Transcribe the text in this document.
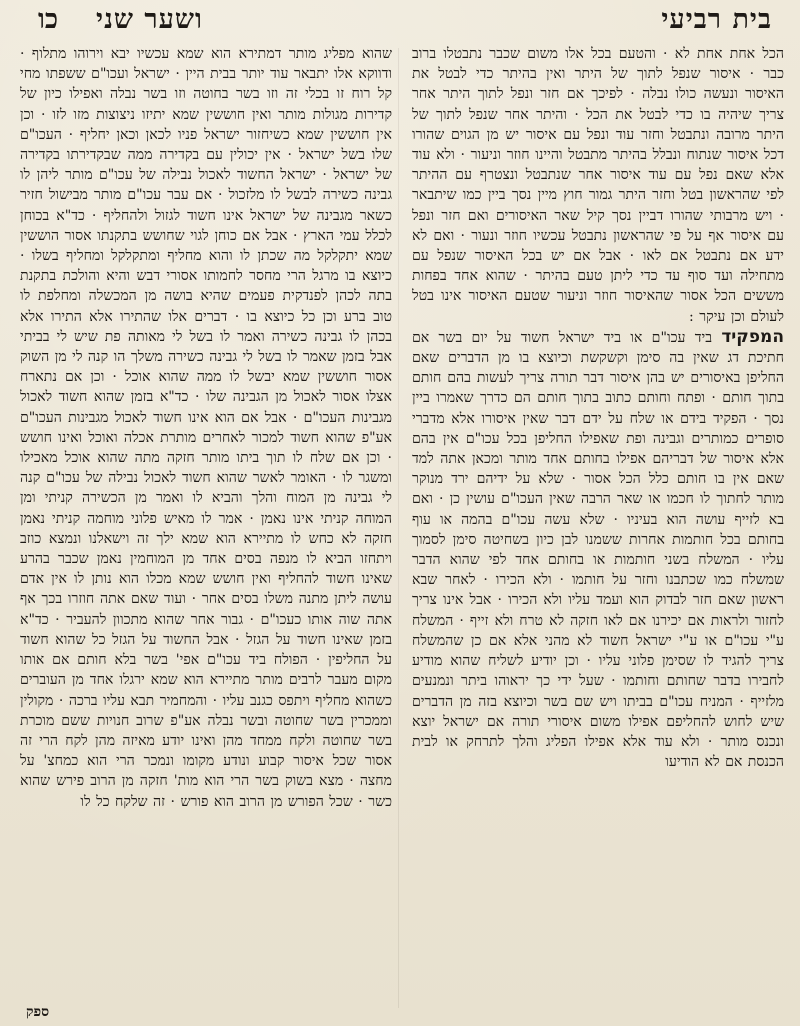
בית רביעי
ושער שני
כו

הכל אחת אחת לא · והטעם בכל אלו משום שכבר נתבטלו ברוב כבר · איסור שנפל לתוך של היתר ואין בהיתר כדי לבטל את האיסור ונעשה כולו נבלה · לפיכך אם חזר ונפל לתוך היתר אחר צריך שיהיה בו כדי לבטל את הכל · והיתר אחר שנפל לתוך של היתר מרובה ונתבטל וחזר עוד ונפל עם איסור יש מן הגוים שהורו דכל איסור שנתוח ונבלל בהיתר מתבטל והיינו חוזר וניעור · ולא עוד אלא שאם נפל עם עוד איסור אחר שנתבטל ונצטרף עם ההיתר לפי שהראשון בטל וחזר היתר גמור חוץ מיין נסך ביין כמו שיתבאר · ויש מרבותי שהורו דביין נסך קיל שאר האיסורים ואם חזר ונפל עם איסור אף על פי שהראשון נתבטל עכשיו חוזר ונעור · ואם לא ידע אם נתבטל אם לאו · אבל אם יש בכל האיסור שנפל עם מתחילה ועד סוף עד כדי ליתן טעם בהיתר · שהוא אחד בפחות מששים הכל אסור שהאיסור חוזר וניעור שטעם האיסור אינו בטל לעולם וכן עיקר :

המפקיד ביד עכו"ם או ביד ישראל חשוד על יום בשר אם חתיכת דג שאין בה סימן וקשקשת וכיוצא בו מן הדברים שאם החליפן באיסורים יש בהן איסור דבר תורה צריך לעשות בהם חותם בתוך חותם · ופתח וחותם כתוב בתוך חותם הם כדרך שאמרו ביין נסך · הפקיד בידם או שלח על ידם דבר שאין איסורו אלא מדברי סופרים כמותרים וגבינה ופת שאפילו החליפן בכל עכו"ם אין בהם אלא איסור של דבריהם אפילו בחותם אחד מותר ומכאן אתה למד שאם אין בו חותם כלל הכל אסור · שלא על ידיהם ירד מנוקר מותר לחתוך לו חכמו או שאר הרבה שאין העכו"ם עושין כן · ואם בא לזייף עושה הוא בעיניו · שלא עשה עכו"ם בהמה או עוף בחותם בכל חותמות אחרות ששמנו לבן כיון בשחיטה סימן לסמוך עליו · המשלח בשני חותמות או בחותם אחד לפי שהוא הדבר שמשלח כמו שכתבנו וחזר על חותמו · ולא הכירו · לאחר שבא ראשון שאם חזר לבדוק הוא ועמד עליו ולא הכירו · אבל אינו צריך לחזור ולראות אם יכירנו אם לאו חזקה לא טרח ולא זייף · המשלח ע"י עכו"ם או ע"י ישראל חשוד לא מהני אלא אם כן שהמשלח צריך להגיד לו שסימן פלוני עליו · וכן יודיע לשליח שהוא מודיע לחבירו בדבר שחותם וחותמו · שעל ידי כך יראוהו ביתר ונמנעים מלזייף · המניח עכו"ם בביתו ויש שם בשר וכיוצא בזה מן הדברים שיש לחוש להחליפם אפילו משום איסורי תורה אם ישראל יוצא ונכנס מותר · ולא עוד אלא אפילו הפליג והלך לתרחק או לבית הכנסת אם לא הודיעו

שהוא מפליג מותר דמתירא הוא שמא עכשיו יבא וירוהו מתלוף · ודווקא אלו יתבאר עוד יותר בבית היין · ישראל ועכו"ם ששפתו מחי קל רוח זו בכלי זה וזו בשר בחוטה וזו בשר נבלה ואפילו כיון של קדירות מגולות מותר ואין חוששין שמא יתיזו ניצוצות מזו לזו · וכן אין חוששין שמא כשיחזור ישראל פניו לכאן וכאן יחליף · העכו"ם שלו בשל ישראל · אין יכולין עם בקדירה ממה שבקדירתו בקדירה של ישראל · ישראל החשוד לאכול נבילה של עכו"ם מותר ליהן לו גבינה כשירה לבשל לו מלזכול · אם עבר עכו"ם מותר מבישול חזיר כשאר מגבינה של ישראל אינו חשוד לגזול ולהחליף · כד"א בכוחן לכלל עמי הארץ · אבל אם כוחן לגוי שחושש בתקנתו אסור הוששין שמא יתקלקל מה שכתן לו והוא מחליף ומתקלקל ומחליף בשלו · כיוצא בו מרגל הרי מחסר לחמותו אסורי דבש והיא והולכת בתקנת בתה לכהן לפנדקית פעמים שהיא בושה מן המכשלה ומחלפת לו טוב ברע וכן כל כיוצא בו · דברים אלו שהתירו אלא התירו אלא בכהן לו גבינה כשירה ואמר לו בשל לי מאותה פת שיש לי בביתי אבל בזמן שאמר לו בשל לי גבינה כשירה משלך הו קנה לי מן השוק אסור חוששין שמא יבשל לו ממה שהוא אוכל · וכן אם נתארח אצלו אסור לאכול מן הגבינה שלו · כד"א בזמן שהוא חשוד לאכול מגבינות העכו"ם · אבל אם הוא אינו חשוד לאכול מגבינות העכו"ם אע"פ שהוא חשוד למכור לאחרים מותרת אכלה ואוכל ואינו חושש · וכן אם שלח לו תוך ביתו מותר חזקה מתה שהוא אוכל מאכילו ומשגר לו · האומר לאשר שהוא חשוד לאכול נבילה של עכו"ם קנה לי גבינה מן המוח והלך והביא לו ואמר מן הכשירה קניתי ומן המוחה קניתי אינו נאמן · אמר לו מאיש פלוני מוחמה קניתי נאמן חזקה לא כחש לו מתיירא הוא שמא ילך זה וישאלנו ונמצא כוזב ויתחזו הביא לו מנפה בסים אחד מן המוחמין נאמן שכבר בהרע שאינו חשוד להחליף ואין חושש שמא מכלו הוא נותן לו אין אדם עושה ליתן מתנה משלו בסים אחר · ועוד שאם אתה חוזרו בכך אף אתה שוה אותו כעכו"ם · גבור אחר שהוא מתכוון להעביר · כד"א בזמן שאינו חשוד על הגזל · אבל החשוד על הגזל כל שהוא חשוד על החליפין · הפולח ביד עכו"ם אפי' בשר בלא חותם אם אותו מקום מעבר לרבים מותר מתיירא הוא שמא ירגלו אחד מן העוברים כשהוא מחליף ויתפס כגנב עליו · והמחמיר תבא עליו ברכה · מקולין וממכרין בשר שחוטה ובשר נבלה אע"פ שרוב חנויות ששם מוכרת בשר שחוטה ולקח ממחד מהן ואינו יודע מאיזה מהן לקח הרי זה אסור שכל איסור קבוע ונודע מקומו ונמכר הרי הוא כמחצ' על מחצה · מצא בשוק בשר הרי הוא מות' חזקה מן הרוב פירש שהוא כשר · שכל הפורש מן הרוב הוא פורש · זה שלקח כל לו

ספק
